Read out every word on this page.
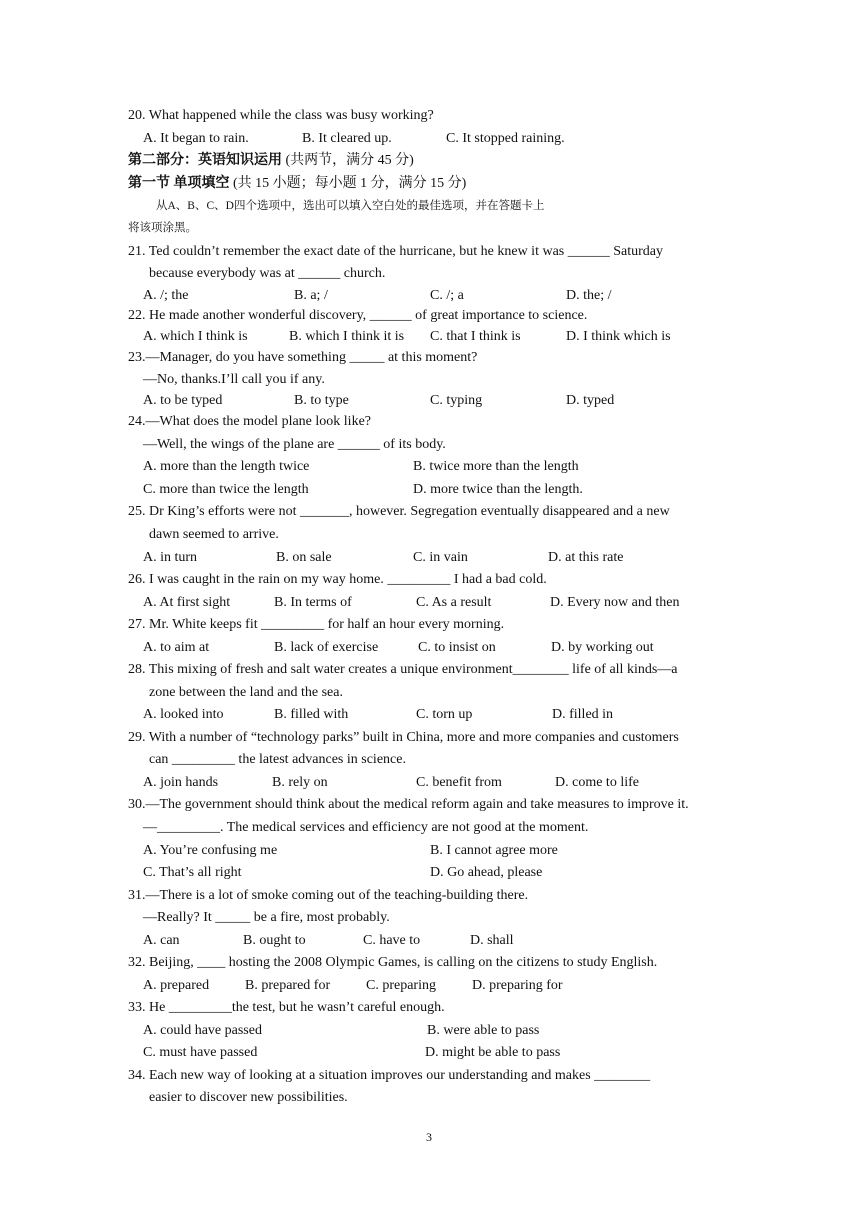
20. What happened while the class was busy working?
A. It began to rain.	B. It cleared up.	C. It stopped raining.
第二部分：英语知识运用 (共两节，满分 45 分)
第一节 单项填空 (共 15 小题；每小题 1 分，满分 15 分)
从A、B、C、D四个选项中，选出可以填入空白处的最佳选项，并在答题卡上
将该项涂黑。
21. Ted couldn’t remember the exact date of the hurricane, but he knew it was ______ Saturday
because everybody was at ______ church.
A. /; the	B. a; /	C. /; a	D. the; /
22. He made another wonderful discovery, ______ of great importance to science.
A. which I think is	B. which I think it is C. that I think is	D. I think which is
23.—Manager, do you have something _____ at this moment?
—No, thanks.I’ll call you if any.
A. to be typed	B. to type	C. typing	D. typed
24.—What does the model plane look like?
—Well, the wings of the plane are ______ of its body.
A. more than the length twice	B. twice more than the length
C. more than twice the length	D. more twice than the length.
25. Dr King’s efforts were not _______, however. Segregation eventually disappeared and a new
dawn seemed to arrive.
A. in turn	B. on sale	C. in vain	D. at this rate
26. I was caught in the rain on my way home. _________ I had a bad cold.
A. At first sight	B. In terms of	C. As a result	D. Every now and then
27. Mr. White keeps fit _________ for half an hour every morning.
A. to aim at	B. lack of exercise	C. to insist on	D. by working out
28. This mixing of fresh and salt water creates a unique environment________ life of all kinds—a
zone between the land and the sea.
A. looked into	B. filled with	C. torn up	D. filled in
29. With a number of “technology parks” built in China, more and more companies and customers
can _________ the latest advances in science.
A. join hands	B. rely on	C. benefit from	D. come to life
30.—The government should think about the medical reform again and take measures to improve it.
—_________. The medical services and efficiency are not good at the moment.
A. You’re confusing me	B. I cannot agree more
C. That’s all right	D. Go ahead, please
31.—There is a lot of smoke coming out of the teaching-building there.
—Really? It _____ be a fire, most probably.
A. can	B. ought to	C. have to	D. shall
32. Beijing, ____ hosting the 2008 Olympic Games, is calling on the citizens to study English.
A. prepared	B. prepared for	C. preparing	D. preparing for
33. He _________the test, but he wasn’t careful enough.
A. could have passed	B. were able to pass
C. must have passed	D. might be able to pass
34. Each new way of looking at a situation improves our understanding and makes ________
easier to discover new possibilities.
3
